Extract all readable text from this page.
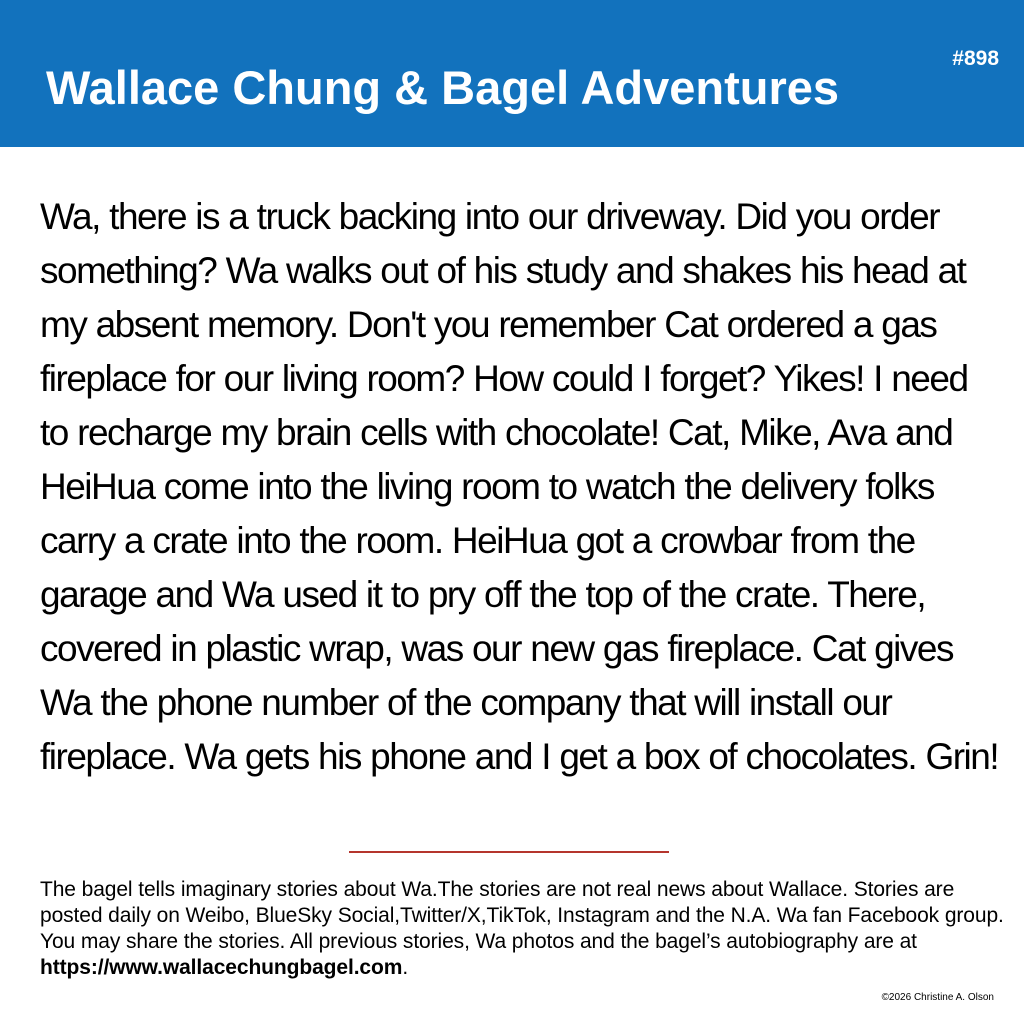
Wallace Chung & Bagel Adventures
#898

Wa, there is a truck backing into our driveway. Did you order something? Wa walks out of his study and shakes his head at my absent memory. Don't you remember Cat ordered a gas fireplace for our living room? How could I forget? Yikes! I need to recharge my brain cells with chocolate! Cat, Mike, Ava and HeiHua come into the living room to watch the delivery folks carry a crate into the room. HeiHua got a crowbar from the garage and Wa used it to pry off the top of the crate. There, covered in plastic wrap, was our new gas fireplace. Cat gives Wa the phone number of the company that will install our fireplace. Wa gets his phone and I get a box of chocolates. Grin!

The bagel tells imaginary stories about Wa.The stories are not real news about Wallace. Stories are posted daily on Weibo, BlueSky Social,Twitter/X,TikTok, Instagram and the N.A. Wa fan Facebook group. You may share the stories. All previous stories, Wa photos and the bagel’s autobiography are at https://www.wallacechungbagel.com.

©2026 Christine A. Olson
